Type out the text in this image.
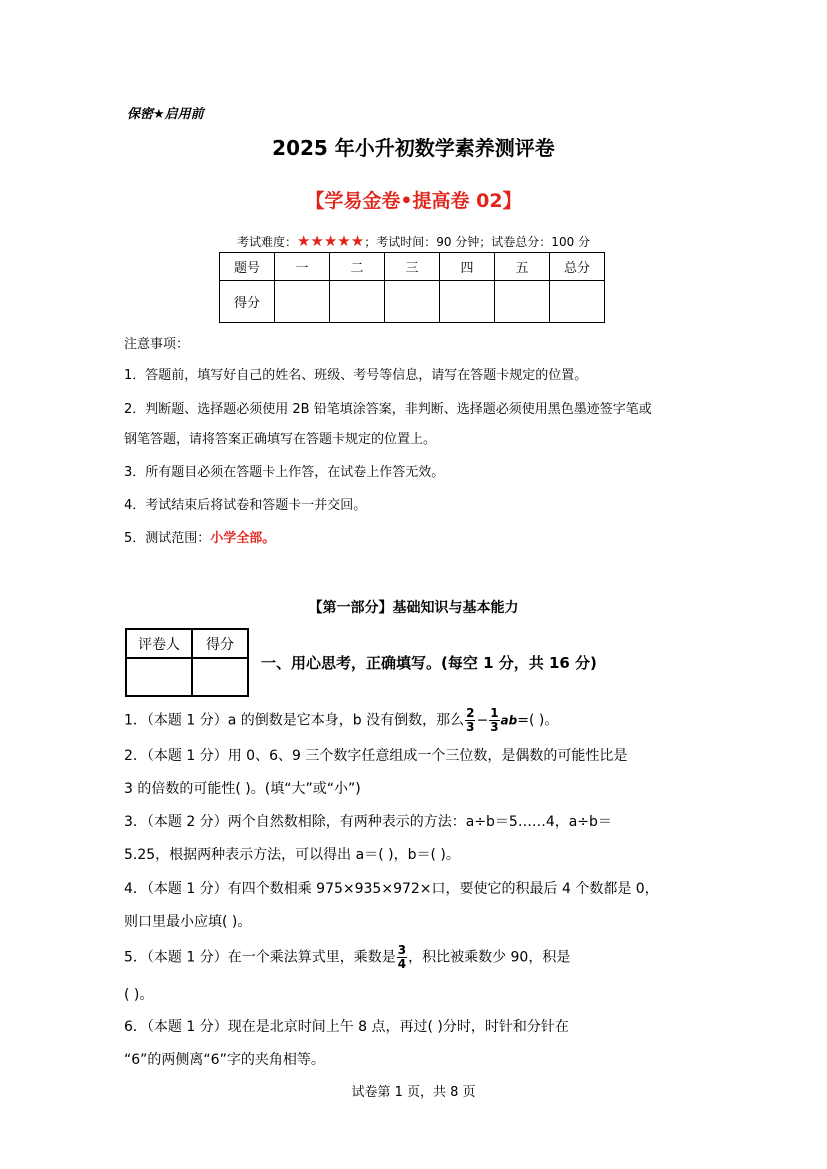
保密★启用前
2025 年小升初数学素养测评卷
【学易金卷•提高卷 02】
考试难度：★★★★★；考试时间：90 分钟；试卷总分：100 分
题号	一	二	三	四	五	总分
得分						
注意事项：
1．答题前，填写好自己的姓名、班级、考号等信息，请写在答题卡规定的位置。
2．判断题、选择题必须使用 2B 铅笔填涂答案，非判断、选择题必须使用黑色墨迹签字笔或
钢笔答题，请将答案正确填写在答题卡规定的位置上。
3．所有题目必须在答题卡上作答，在试卷上作答无效。
4．考试结束后将试卷和答题卡一并交回。
5．测试范围：小学全部。
【第一部分】基础知识与基本能力
评卷人	得分

一、用心思考，正确填写。(每空 1 分，共 16 分)
1．（本题 1 分）a 的倒数是它本身，b 没有倒数，那么 $\frac{2}{3} - \frac{1}{3} ab=$( )。
2．（本题 1 分）用 0、6、9 三个数字任意组成一个三位数，是偶数的可能性比是
3 的倍数的可能性( )。(填“大”或“小”)
3．（本题 2 分）两个自然数相除，有两种表示的方法：a÷b＝5……4，a÷b＝
5.25，根据两种表示方法，可以得出 a＝( )，b＝( )。
4．（本题 1 分）有四个数相乘 975×935×972×口，要使它的积最后 4 个数都是 0，
则口里最小应填( )。
5．（本题 1 分）在一个乘法算式里，乘数是 $\frac{3}{4}$ ，积比被乘数少 90，积是
( )。
6．（本题 1 分）现在是北京时间上午 8 点，再过( )分时，时针和分针在
“6”的两侧离“6”字的夹角相等。
试卷第 1 页，共 8 页
